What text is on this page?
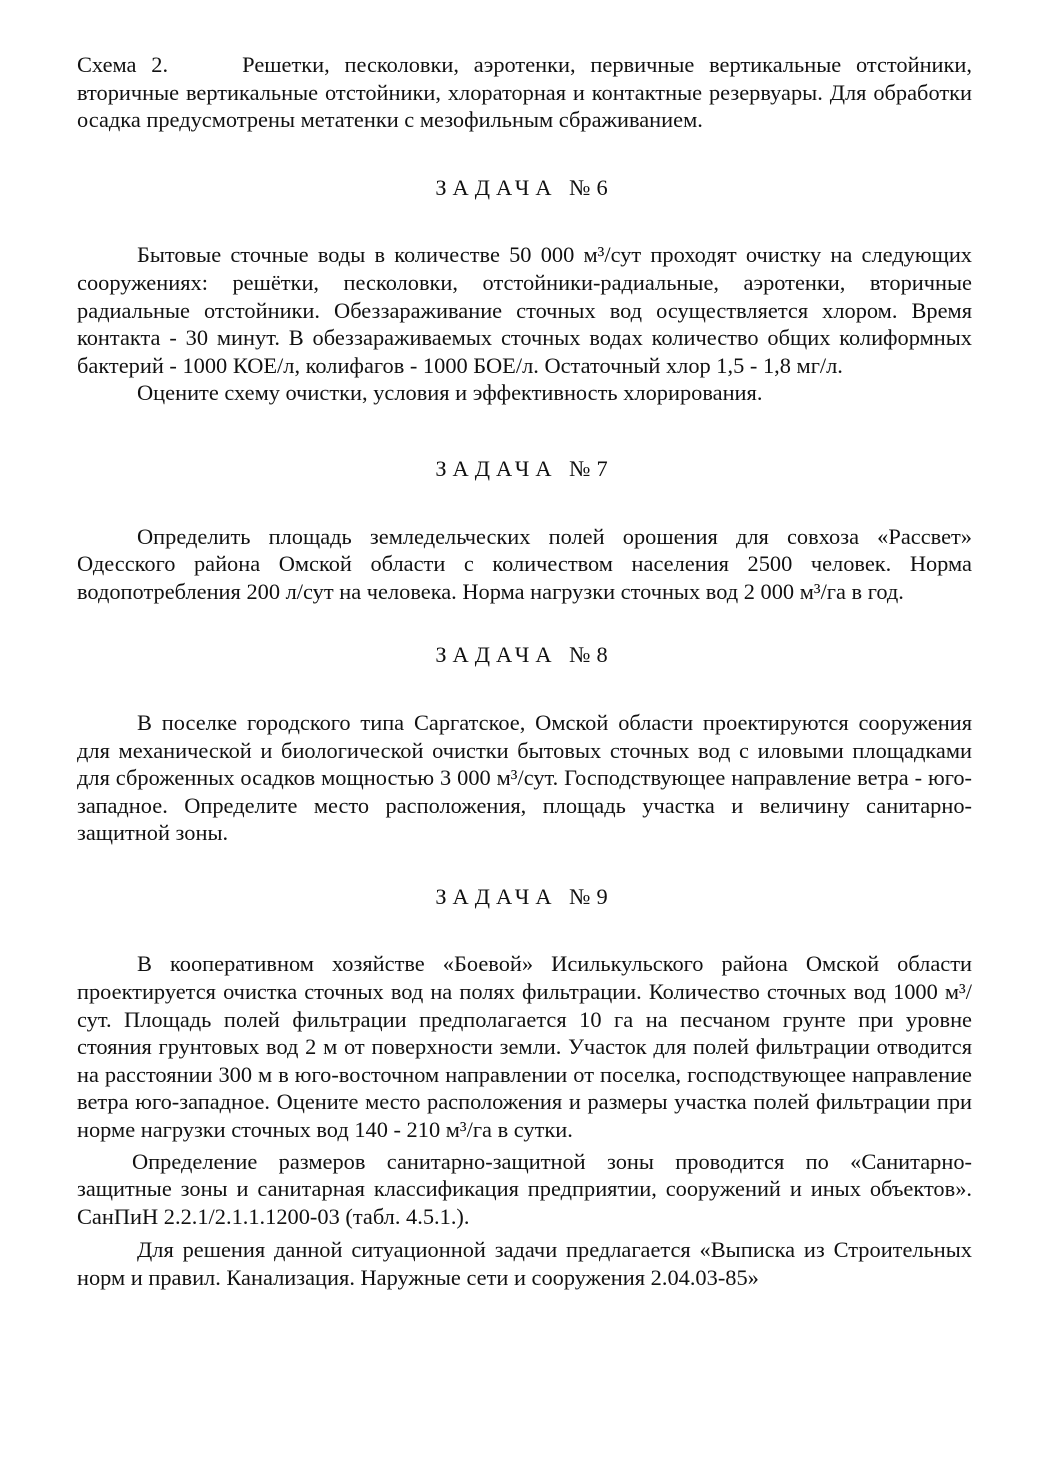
Схема 2.	Решетки, песколовки, аэротенки, первичные вертикальные отстойники, вторичные вертикальные отстойники, хлораторная и контактные резервуары. Для обработки осадка предусмотрены метатенки с мезофильным сбраживанием.

ЗАДАЧА №6

Бытовые сточные воды в количестве 50 000 м³/сут проходят очистку на следующих сооружениях: решётки, песколовки, отстойники-радиальные, аэротенки, вторичные радиальные отстойники. Обеззараживание сточных вод осуществляется хлором. Время контакта - 30 минут. В обеззараживаемых сточных водах количество общих колиформных бактерий - 1000 КОЕ/л, колифагов - 1000 БОЕ/л. Остаточный хлор 1,5 - 1,8 мг/л.

Оцените схему очистки, условия и эффективность хлорирования.

ЗАДАЧА №7

Определить площадь земледельческих полей орошения для совхоза «Рассвет» Одесского района Омской области с количеством населения 2500 человек. Норма водопотребления 200 л/сут на человека. Норма нагрузки сточных вод 2 000 м³/га в год.

ЗАДАЧА №8

В поселке городского типа Саргатское, Омской области проектируются сооружения для механической и биологической очистки бытовых сточных вод с иловыми площадками для сброженных осадков мощностью 3 000 м³/сут. Господствующее направление ветра - юго-западное. Определите место расположения, площадь участка и величину санитарно-защитной зоны.

ЗАДАЧА №9

В кооперативном хозяйстве «Боевой» Исилькульского района Омской области проектируется очистка сточных вод на полях фильтрации. Количество сточных вод 1000 м³/сут. Площадь полей фильтрации предполагается 10 га на песчаном грунте при уровне стояния грунтовых вод 2 м от поверхности земли. Участок для полей фильтрации отводится на расстоянии 300 м в юго-восточном направлении от поселка, господствующее направление ветра юго-западное. Оцените место расположения и размеры участка полей фильтрации при норме нагрузки сточных вод 140 - 210 м³/га в сутки.

Определение размеров санитарно-защитной зоны проводится по «Санитарно-защитные зоны и санитарная классификация предприятии, сооружений и иных объектов». СанПиН 2.2.1/2.1.1.1200-03 (табл. 4.5.1.).

Для решения данной ситуационной задачи предлагается «Выписка из Строительных норм и правил. Канализация. Наружные сети и сооружения 2.04.03-85»
